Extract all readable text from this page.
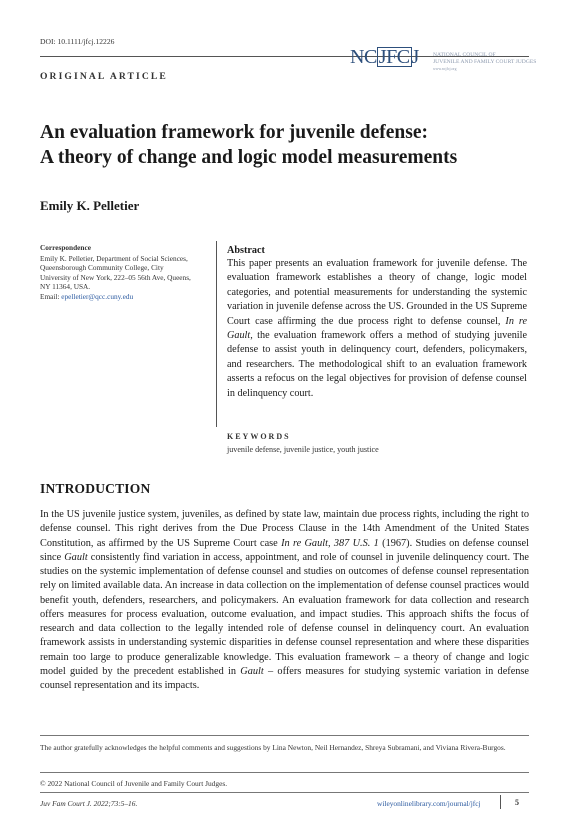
DOI: 10.1111/jfcj.12226
ORIGINAL ARTICLE
NC JFC J	NATIONAL COUNCIL OF
JUVENILE AND FAMILY COURT JUDGES
www.ncjfcj.org
An evaluation framework for juvenile defense:
A theory of change and logic model measurements
Emily K. Pelletier
Correspondence
Emily K. Pelletier, Department of Social Sciences,
Queensborough Community College, City
University of New York, 222–05 56th Ave, Queens,
NY 11364, USA.
Email: epelletier@qcc.cuny.edu
Abstract
This paper presents an evaluation framework for juvenile defense. The evaluation framework establishes a theory of change, logic model categories, and potential measurements for understanding the systemic variation in juvenile defense across the US. Grounded in the US Supreme Court case affirming the due process right to defense counsel, In re Gault, the evaluation framework offers a method of studying juvenile defense to assist youth in delinquency court, defenders, policymakers, and researchers. The methodological shift to an evaluation framework asserts a refocus on the legal objectives for provision of defense counsel in delinquency court.
KEYWORDS
juvenile defense, juvenile justice, youth justice
INTRODUCTION
In the US juvenile justice system, juveniles, as defined by state law, maintain due process rights, including the right to defense counsel. This right derives from the Due Process Clause in the 14th Amendment of the United States Constitution, as affirmed by the US Supreme Court case In re Gault, 387 U.S. 1 (1967). Studies on defense counsel since Gault consistently find variation in access, appointment, and role of counsel in juvenile delinquency court. The studies on the systemic implementation of defense counsel and studies on outcomes of defense counsel representation rely on limited available data. An increase in data collection on the implementation of defense counsel practices would benefit youth, defenders, researchers, and policymakers. An evaluation framework for data collection and research offers measures for process evaluation, outcome evaluation, and impact studies. This approach shifts the focus of research and data collection to the legally intended role of defense counsel in delinquency court. An evaluation framework assists in understanding systemic disparities in defense counsel representation and where these disparities remain too large to produce generalizable knowledge. This evaluation framework – a theory of change and logic model guided by the precedent established in Gault – offers measures for studying systemic variation in defense counsel representation and its impacts.
The author gratefully acknowledges the helpful comments and suggestions by Lina Newton, Neil Hernandez, Shreya Subramani, and Viviana Rivera-Burgos.
© 2022 National Council of Juvenile and Family Court Judges.
Juv Fam Court J. 2022;73:5–16.	wileyonlinelibrary.com/journal/jfcj	5
